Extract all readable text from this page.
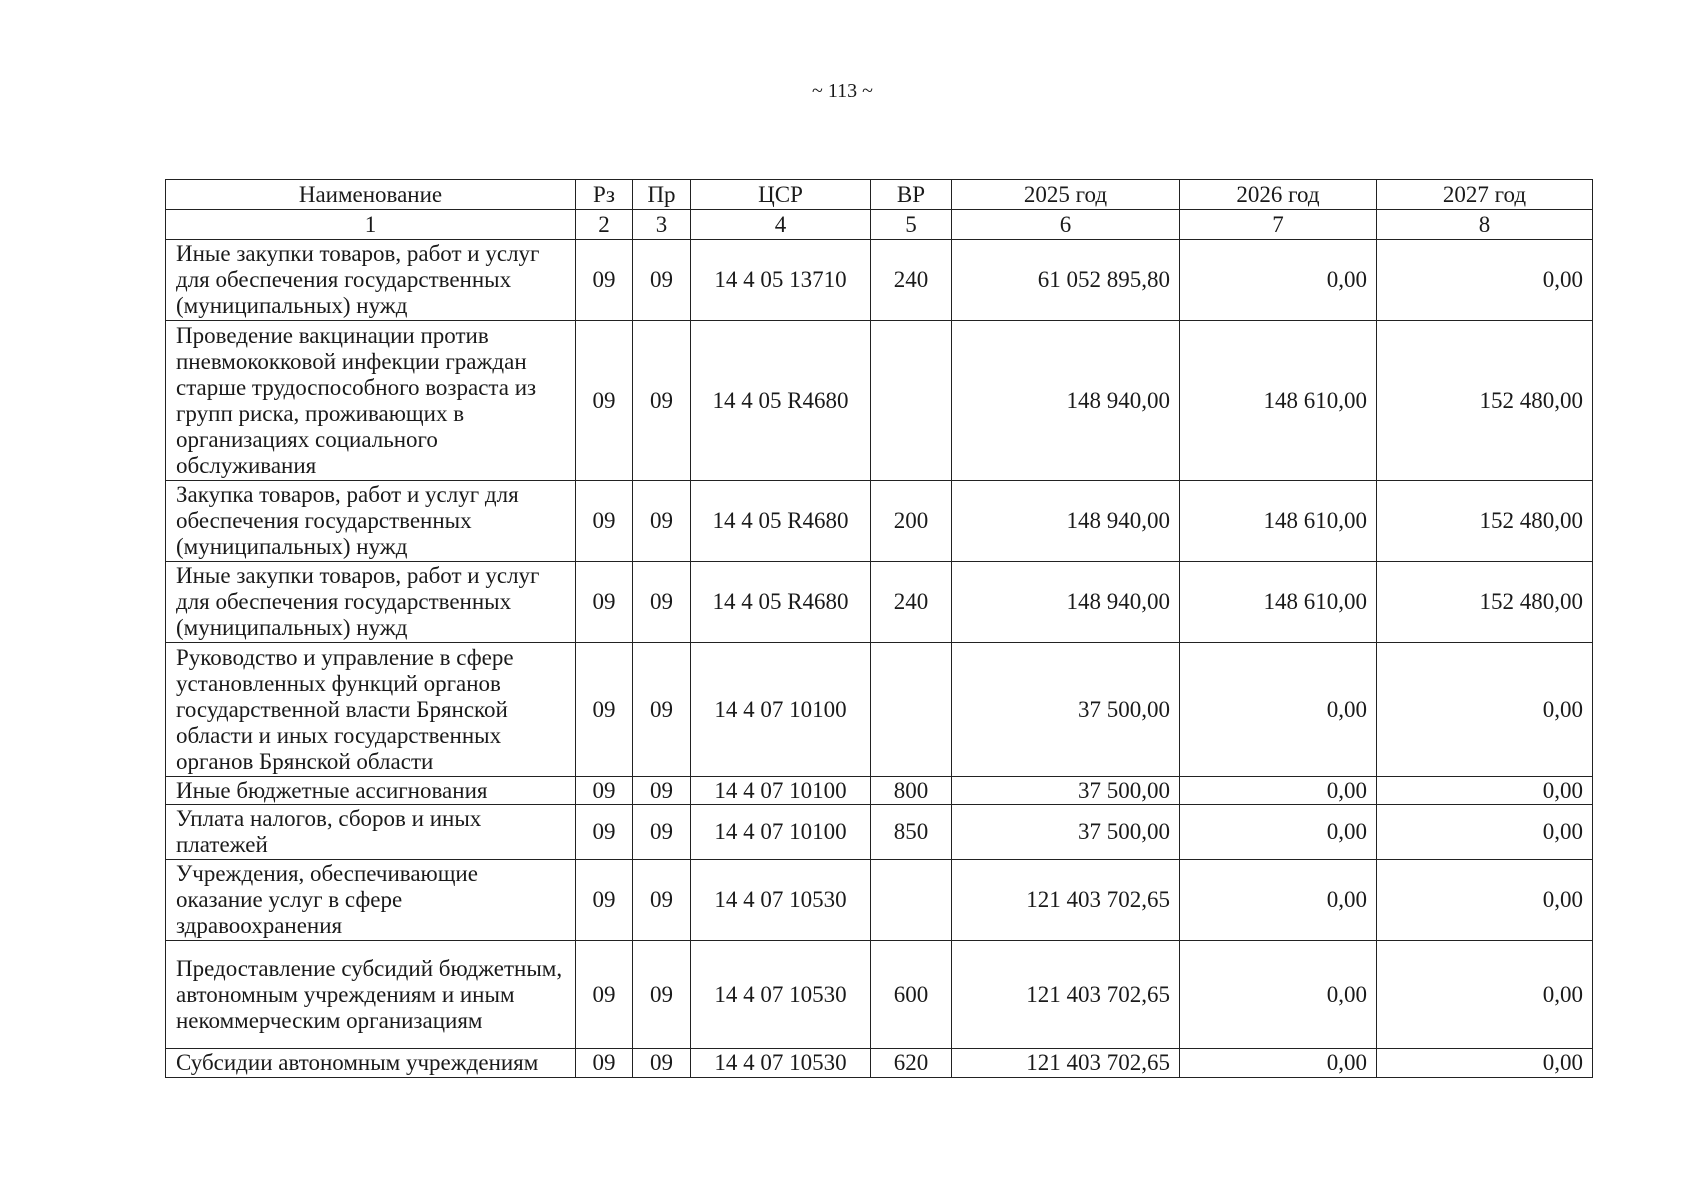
~ 113 ~
Наименование	Рз	Пр	ЦСР	ВР	2025 год	2026 год	2027 год
1	2	3	4	5	6	7	8
Иные закупки товаров, работ и услуг для обеспечения государственных (муниципальных) нужд	09	09	14 4 05 13710	240	61 052 895,80	0,00	0,00
Проведение вакцинации против пневмококковой инфекции граждан старше трудоспособного возраста из групп риска, проживающих в организациях социального обслуживания	09	09	14 4 05 R4680		148 940,00	148 610,00	152 480,00
Закупка товаров, работ и услуг для обеспечения государственных (муниципальных) нужд	09	09	14 4 05 R4680	200	148 940,00	148 610,00	152 480,00
Иные закупки товаров, работ и услуг для обеспечения государственных (муниципальных) нужд	09	09	14 4 05 R4680	240	148 940,00	148 610,00	152 480,00
Руководство и управление в сфере установленных функций органов государственной власти Брянской области и иных государственных органов Брянской области	09	09	14 4 07 10100		37 500,00	0,00	0,00
Иные бюджетные ассигнования	09	09	14 4 07 10100	800	37 500,00	0,00	0,00
Уплата налогов, сборов и иных платежей	09	09	14 4 07 10100	850	37 500,00	0,00	0,00
Учреждения, обеспечивающие оказание услуг в сфере здравоохранения	09	09	14 4 07 10530		121 403 702,65	0,00	0,00
Предоставление субсидий бюджетным, автономным учреждениям и иным некоммерческим организациям	09	09	14 4 07 10530	600	121 403 702,65	0,00	0,00
Субсидии автономным учреждениям	09	09	14 4 07 10530	620	121 403 702,65	0,00	0,00
